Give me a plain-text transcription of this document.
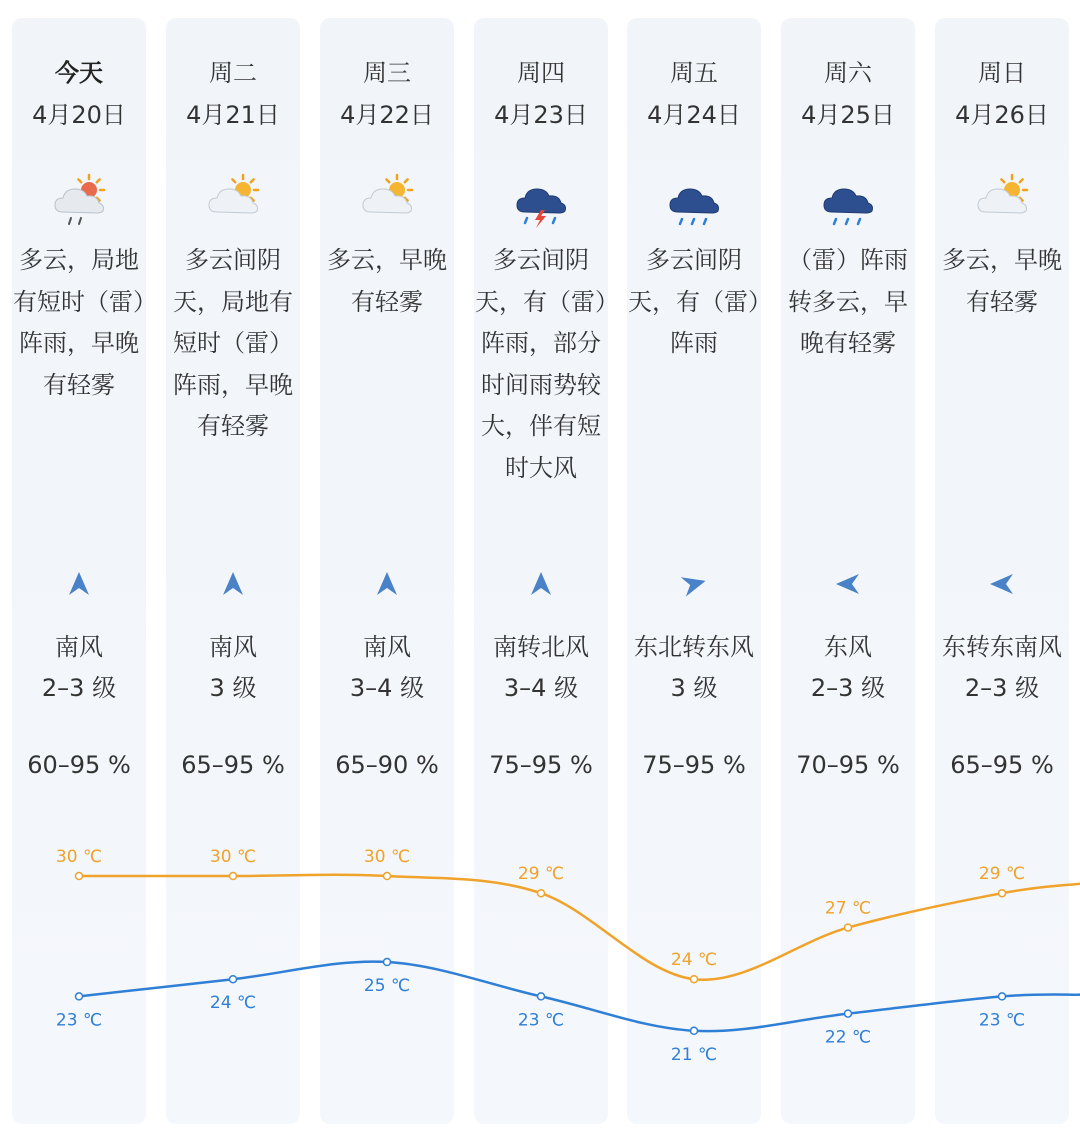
今天
4月20日
多云，局地有短时（雷）阵雨，早晚有轻雾
南风
2–3 级
60–95 %
周二
4月21日
多云间阴天，局地有短时（雷）阵雨，早晚有轻雾
南风
3 级
65–95 %
周三
4月22日
多云，早晚有轻雾
南风
3–4 级
65–90 %
周四
4月23日
多云间阴天，有（雷）阵雨，部分时间雨势较大，伴有短时大风
南转北风
3–4 级
75–95 %
周五
4月24日
多云间阴天，有（雷）阵雨
东北转东风
3 级
75–95 %
周六
4月25日
（雷）阵雨转多云，早晚有轻雾
东风
2–3 级
70–95 %
周日
4月26日
多云，早晚有轻雾
东转东南风
2–3 级
65–95 %
30 ℃	30 ℃	30 ℃
29 ℃
24 ℃
27 ℃
29 ℃
23 ℃
24 ℃
25 ℃
23 ℃
21 ℃
22 ℃
23 ℃
